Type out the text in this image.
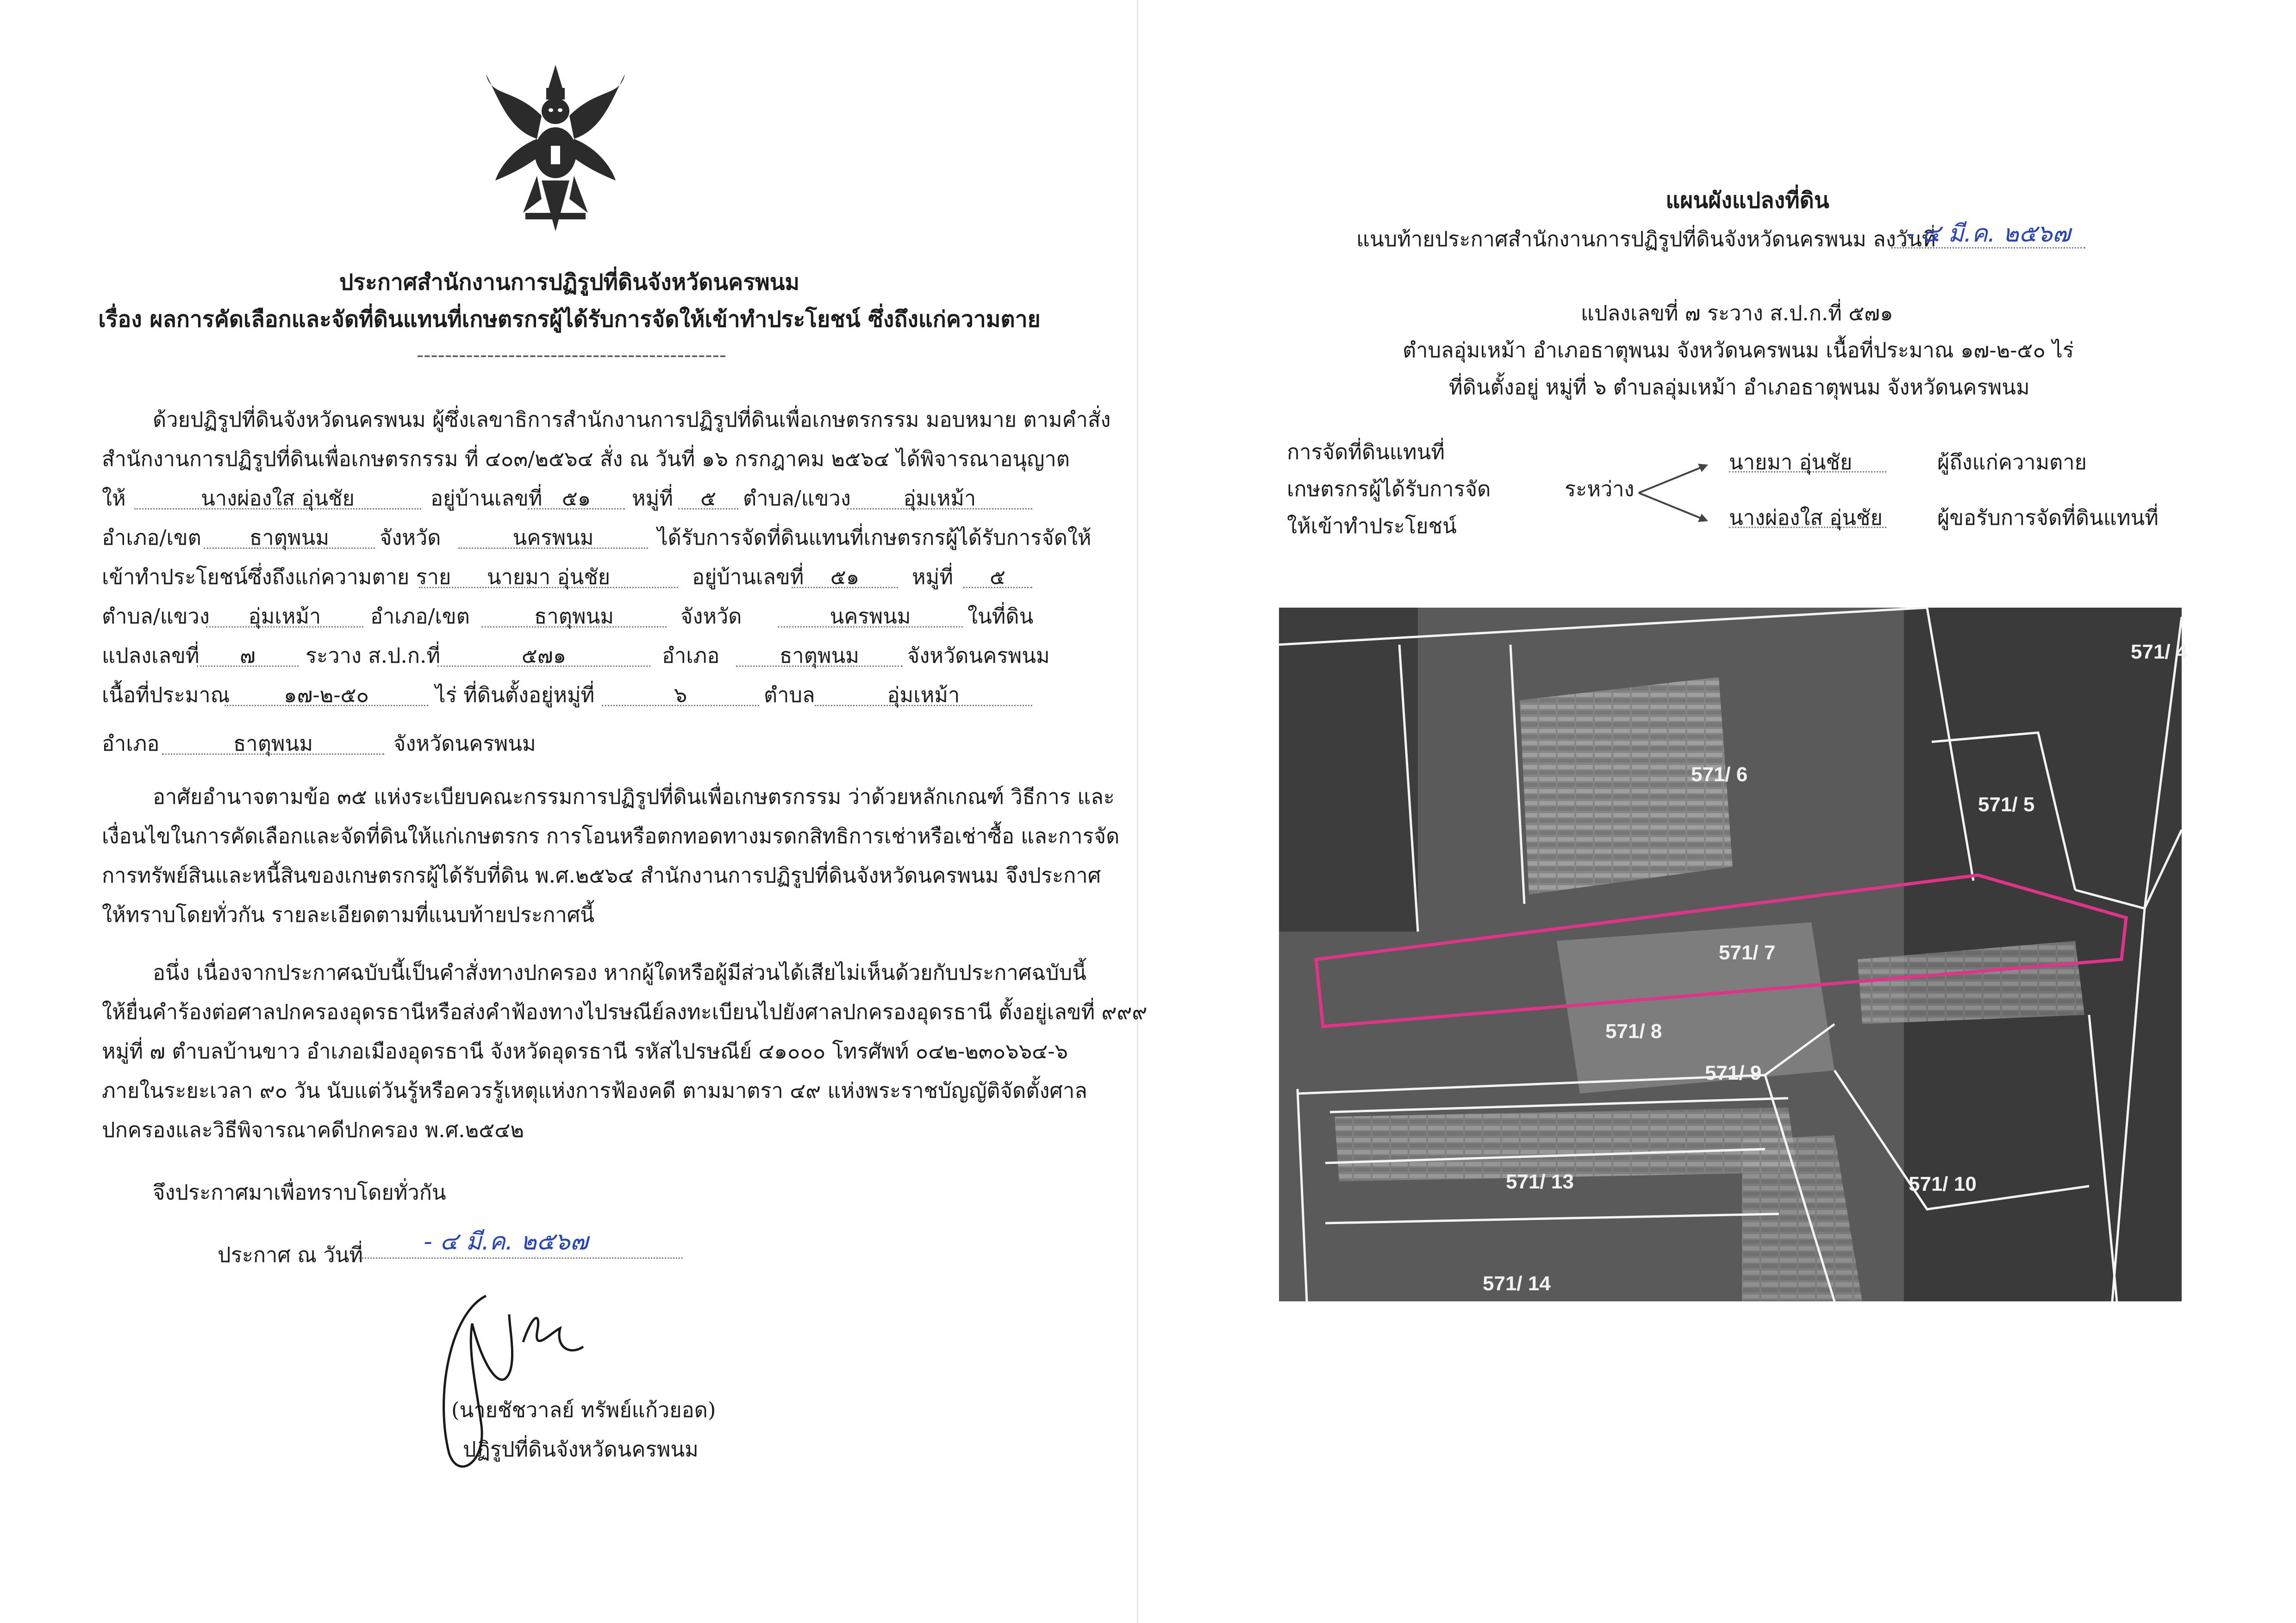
ประกาศสำนักงานการปฏิรูปที่ดินจังหวัดนครพนม
เรื่อง ผลการคัดเลือกและจัดที่ดินแทนที่เกษตรกรผู้ได้รับการจัดให้เข้าทำประโยชน์ ซึ่งถึงแก่ความตาย
--------------------------------------------
ด้วยปฏิรูปที่ดินจังหวัดนครพนม ผู้ซึ่งเลขาธิการสำนักงานการปฏิรูปที่ดินเพื่อเกษตรกรรม มอบหมาย ตามคำสั่ง
สำนักงานการปฏิรูปที่ดินเพื่อเกษตรกรรม ที่ ๔๐๓/๒๕๖๔ สั่ง ณ วันที่ ๑๖ กรกฎาคม ๒๕๖๔ ได้พิจารณาอนุญาต
ให้	นางผ่องใส อุ่นชัย	อยู่บ้านเลขที่ ๕๑	หมู่ที่	๕	ตำบล/แขวง	อุ่มเหม้า
อำเภอ/เขต	ธาตุพนม	จังหวัด	นครพนม	ได้รับการจัดที่ดินแทนที่เกษตรกรผู้ได้รับการจัดให้
เข้าทำประโยชน์ซึ่งถึงแก่ความตาย ราย	นายมา อุ่นชัย	อยู่บ้านเลขที่	๕๑	หมู่ที่	๕
ตำบล/แขวง	อุ่มเหม้า	อำเภอ/เขต	ธาตุพนม	จังหวัด	นครพนม	ในที่ดิน
แปลงเลขที่	๗	ระวาง ส.ป.ก.ที่	๕๗๑	อำเภอ	ธาตุพนม	จังหวัดนครพนม
เนื้อที่ประมาณ	๑๗-๒-๕๐	ไร่ ที่ดินตั้งอยู่หมู่ที่	๖	ตำบล	อุ่มเหม้า
อำเภอ	ธาตุพนม	จังหวัดนครพนม
อาศัยอำนาจตามข้อ ๓๕ แห่งระเบียบคณะกรรมการปฏิรูปที่ดินเพื่อเกษตรกรรม ว่าด้วยหลักเกณฑ์ วิธีการ และ
เงื่อนไขในการคัดเลือกและจัดที่ดินให้แก่เกษตรกร การโอนหรือตกทอดทางมรดกสิทธิการเช่าหรือเช่าซื้อ และการจัด
การทรัพย์สินและหนี้สินของเกษตรกรผู้ได้รับที่ดิน พ.ศ.๒๕๖๔ สำนักงานการปฏิรูปที่ดินจังหวัดนครพนม จึงประกาศ
ให้ทราบโดยทั่วกัน รายละเอียดตามที่แนบท้ายประกาศนี้
อนึ่ง เนื่องจากประกาศฉบับนี้เป็นคำสั่งทางปกครอง หากผู้ใดหรือผู้มีส่วนได้เสียไม่เห็นด้วยกับประกาศฉบับนี้
ให้ยื่นคำร้องต่อศาลปกครองอุดรธานีหรือส่งคำฟ้องทางไปรษณีย์ลงทะเบียนไปยังศาลปกครองอุดรธานี ตั้งอยู่เลขที่ ๙๙๙
หมู่ที่ ๗ ตำบลบ้านขาว อำเภอเมืองอุดรธานี จังหวัดอุดรธานี รหัสไปรษณีย์ ๔๑๐๐๐ โทรศัพท์ ๐๔๒-๒๓๐๖๖๔-๖
ภายในระยะเวลา ๙๐ วัน นับแต่วันรู้หรือควรรู้เหตุแห่งการฟ้องคดี ตามมาตรา ๔๙ แห่งพระราชบัญญัติจัดตั้งศาล
ปกครองและวิธีพิจารณาคดีปกครอง พ.ศ.๒๕๔๒
จึงประกาศมาเพื่อทราบโดยทั่วกัน
ประกาศ ณ วันที่	- ๔ มี.ค. ๒๕๖๗
(นายชัชวาลย์ ทรัพย์แก้วยอด)
ปฏิรูปที่ดินจังหวัดนครพนม
แผนผังแปลงที่ดิน
แนบท้ายประกาศสำนักงานการปฏิรูปที่ดินจังหวัดนครพนม ลงวันที่
- ๔ มี.ค. ๒๕๖๗
แปลงเลขที่ ๗ ระวาง ส.ป.ก.ที่ ๕๗๑
ตำบลอุ่มเหม้า อำเภอธาตุพนม จังหวัดนครพนม เนื้อที่ประมาณ ๑๗-๒-๕๐ ไร่
ที่ดินตั้งอยู่ หมู่ที่ ๖ ตำบลอุ่มเหม้า อำเภอธาตุพนม จังหวัดนครพนม
การจัดที่ดินแทนที่
เกษตรกรผู้ได้รับการจัด
ให้เข้าทำประโยชน์
ระหว่าง
นายมา อุ่นชัย	ผู้ถึงแก่ความตาย
นางผ่องใส อุ่นชัย	ผู้ขอรับการจัดที่ดินแทนที่
571/ 4
571/ 6
571/ 5
571/ 7
571/ 8
571/ 9
571/ 13	571/ 10
571/ 14
